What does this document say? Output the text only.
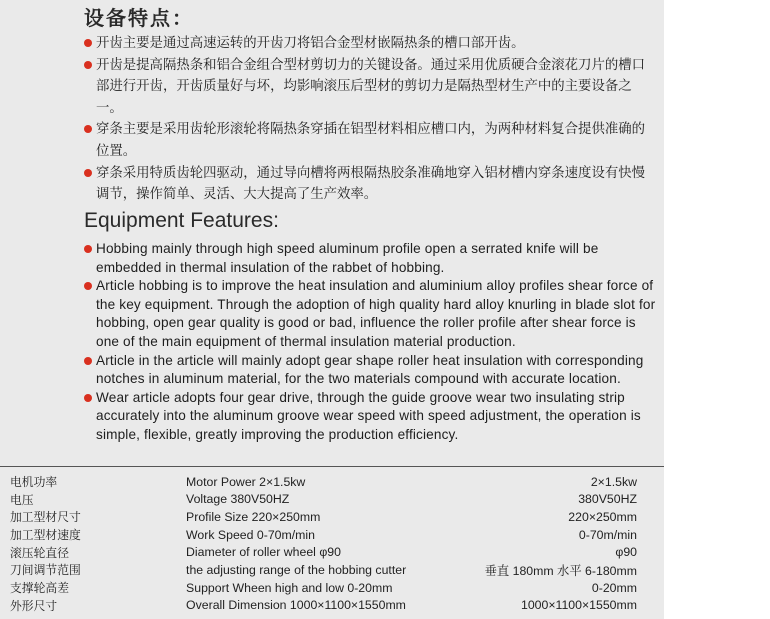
设备特点：
开齿主要是通过高速运转的开齿刀将铝合金型材嵌隔热条的槽口部开齿。
开齿是提高隔热条和铝合金组合型材剪切力的关键设备。通过采用优质硬合金滚花刀片的槽口部进行开齿，开齿质量好与坏，均影响滚压后型材的剪切力是隔热型材生产中的主要设备之一。
穿条主要是采用齿轮形滚轮将隔热条穿插在铝型材料相应槽口内，为两种材料复合提供准确的位置。
穿条采用特质齿轮四驱动，通过导向槽将两根隔热胶条准确地穿入铝材槽内穿条速度设有快慢调节，操作简单、灵活、大大提高了生产效率。
Equipment Features:
Hobbing mainly through high speed aluminum profile open a serrated knife will be embedded in thermal insulation of the rabbet of hobbing.
Article hobbing is to improve the heat insulation and aluminium alloy profiles shear force of the key equipment. Through the adoption of high quality hard alloy knurling in blade slot for hobbing, open gear quality is good or bad, influence the roller profile after shear force is one of the main equipment of thermal insulation material production.
Article in the article will mainly adopt gear shape roller heat insulation with corresponding notches in aluminum material, for the two materials compound with accurate location.
Wear article adopts four gear drive, through the guide groove wear two insulating strip accurately into the aluminum groove wear speed with speed adjustment, the operation is simple, flexible, greatly improving the production efficiency.
电机功率	Motor Power 2×1.5kw	2×1.5kw
电压	Voltage 380V50HZ	380V50HZ
加工型材尺寸	Profile Size 220×250mm	220×250mm
加工型材速度	Work Speed 0-70m/min	0-70m/min
滚压轮直径	Diameter of roller wheel φ90	φ90
刀间调节范围	the adjusting range of the hobbing cutter	垂直 180mm 水平 6-180mm
支撑轮高差	Support Wheen high and low 0-20mm	0-20mm
外形尺寸	Overall Dimension 1000×1100×1550mm	1000×1100×1550mm
